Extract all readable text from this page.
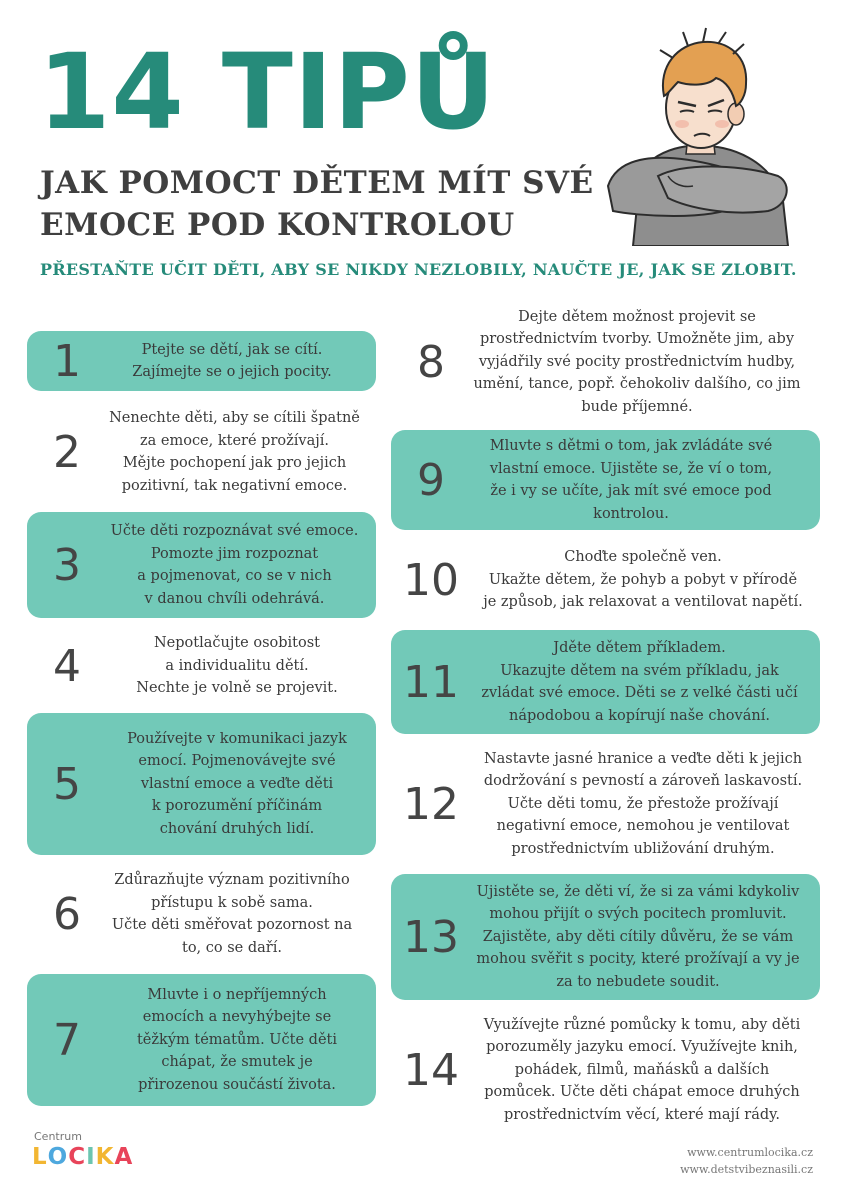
14 TIPŮ
JAK POMOCT DĚTEM MÍT SVÉ
EMOCE POD KONTROLOU
PŘESTAŇTE UČIT DĚTI, ABY SE NIKDY NEZLOBILY, NAUČTE JE, JAK SE ZLOBIT.
1	Ptejte se dětí, jak se cítí.
Zajímejte se o jejich pocity.
2
Nenechte děti, aby se cítili špatně
za emoce, které prožívají.
Mějte pochopení jak pro jejich
pozitivní, tak negativní emoce.
3
Učte děti rozpoznávat své emoce.
Pomozte jim rozpoznat
a pojmenovat, co se v nich
v danou chvíli odehrává.
4	Nepotlačujte osobitost
a individualitu dětí.
Nechte je volně se projevit.
5
Používejte v komunikaci jazyk
emocí. Pojmenovávejte své
vlastní emoce a veďte děti
k porozumění příčinám
chování druhých lidí.
6
Zdůrazňujte význam pozitivního
přístupu k sobě sama.
Učte děti směřovat pozornost na
to, co se daří.
7
Mluvte i o nepříjemných
emocích a nevyhýbejte se
těžkým tématům. Učte děti
chápat, že smutek je
přirozenou součástí života.
8
Dejte dětem možnost projevit se
prostřednictvím tvorby. Umožněte jim, aby
vyjádřily své pocity prostřednictvím hudby,
umění, tance, popř. čehokoliv dalšího, co jim
bude příjemné.
9
Mluvte s dětmi o tom, jak zvládáte své
vlastní emoce. Ujistěte se, že ví o tom,
že i vy se učíte, jak mít své emoce pod
kontrolou.
10	Choďte společně ven.
Ukažte dětem, že pohyb a pobyt v přírodě
je způsob, jak relaxovat a ventilovat napětí.
11
Jděte dětem příkladem.
Ukazujte dětem na svém příkladu, jak
zvládat své emoce. Děti se z velké části učí
nápodobou a kopírují naše chování.
12
Nastavte jasné hranice a veďte děti k jejich
dodržování s pevností a zároveň laskavostí.
Učte děti tomu, že přestože prožívají
negativní emoce, nemohou je ventilovat
prostřednictvím ubližování druhým.
13
Ujistěte se, že děti ví, že si za vámi kdykoliv
mohou přijít o svých pocitech promluvit.
Zajistěte, aby děti cítily důvěru, že se vám
mohou svěřit s pocity, které prožívají a vy je
za to nebudete soudit.
14
Využívejte různé pomůcky k tomu, aby děti
porozuměly jazyku emocí. Využívejte knih,
pohádek, filmů, maňásků a dalších
pomůcek. Učte děti chápat emoce druhých
prostřednictvím věcí, které mají rády.
Centrum
L O C I K A	www.centrumlocika.cz
www.detstvibeznasili.cz
